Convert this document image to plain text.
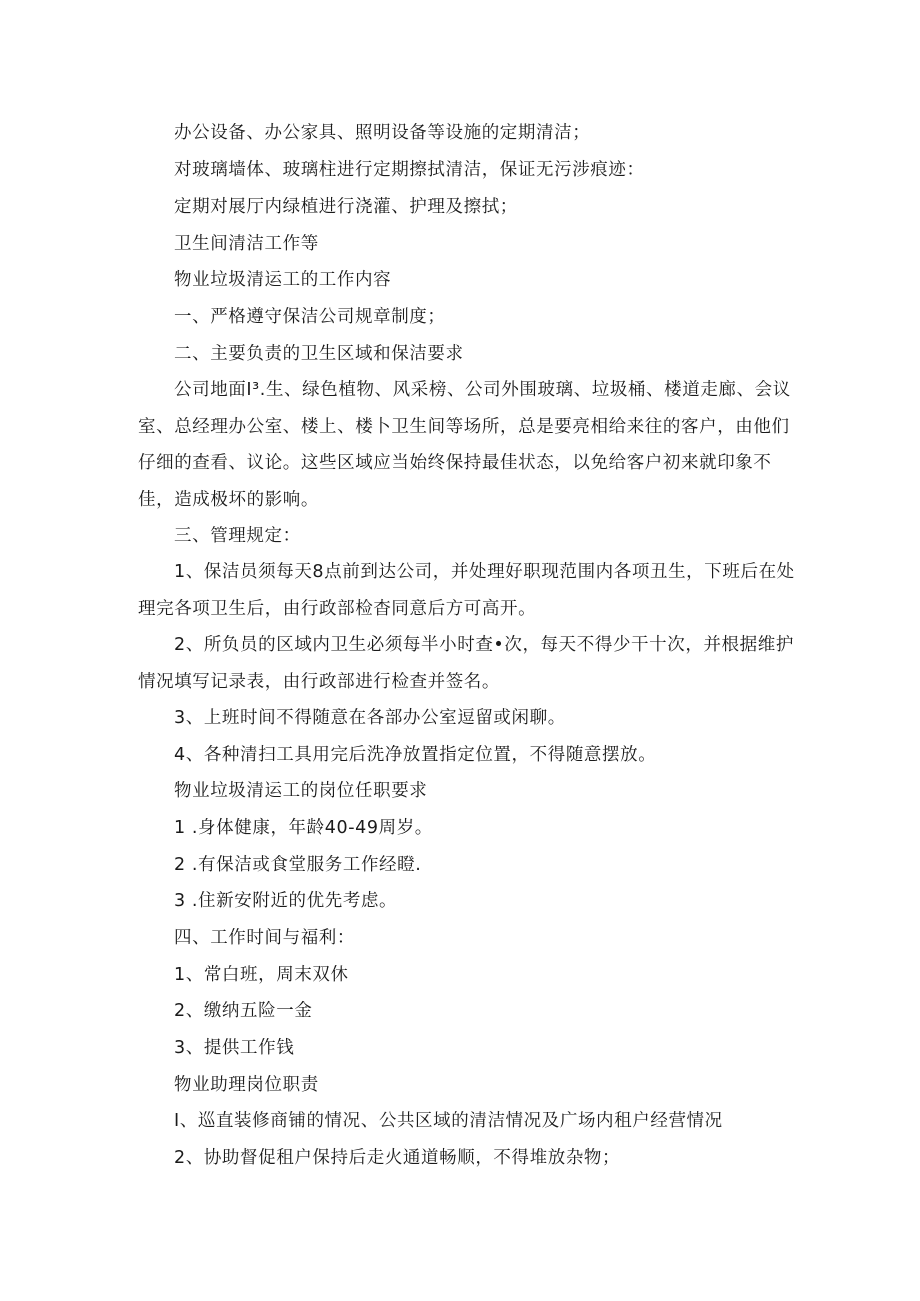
办公设备、办公家具、照明设备等设施的定期清洁；
对玻璃墙体、玻璃柱进行定期擦拭清洁，保证无污涉痕迹：
定期对展厅内绿植进行浇灌、护理及擦拭；
卫生间清洁工作等
物业垃圾清运工的工作内容
一、严格遵守保洁公司规章制度；
二、主要负责的卫生区域和保洁要求

公司地面I³.生、绿色植物、风采榜、公司外围玻璃、垃圾桶、楼道走廊、会议室、总经理办公室、楼上、楼卜卫生间等场所，总是要亮相给来往的客户，由他们仔细的查看、议论。这些区域应当始终保持最佳状态，以免给客户初来就印象不佳，造成极坏的影响。

三、管理规定：

1、保洁员须每天8点前到达公司，并处理好职现范围内各项丑生，下班后在处理完各项卫生后，由行政部检杳同意后方可高开。

2、所负员的区域内卫生必须每半小时查•次，每天不得少干十次，并根据维护情况填写记录表，由行政部进行检查并签名。

3、上班时间不得随意在各部办公室逗留或闲聊。
4、各种清扫工具用完后洗净放置指定位置，不得随意摆放。
物业垃圾清运工的岗位任职要求
1 .身体健康，年龄40-49周岁。
2 .有保洁或食堂服务工作经瞪.
3 .住新安附近的优先考虑。
四、工作时间与福利：
1、常白班，周末双休
2、缴纳五险一金
3、提供工作钱
物业助理岗位职责
I、巡直装修商铺的情况、公共区域的清洁情况及广场内租户经营情况
2、协助督促租户保持后走火通道畅顺，不得堆放杂物；
